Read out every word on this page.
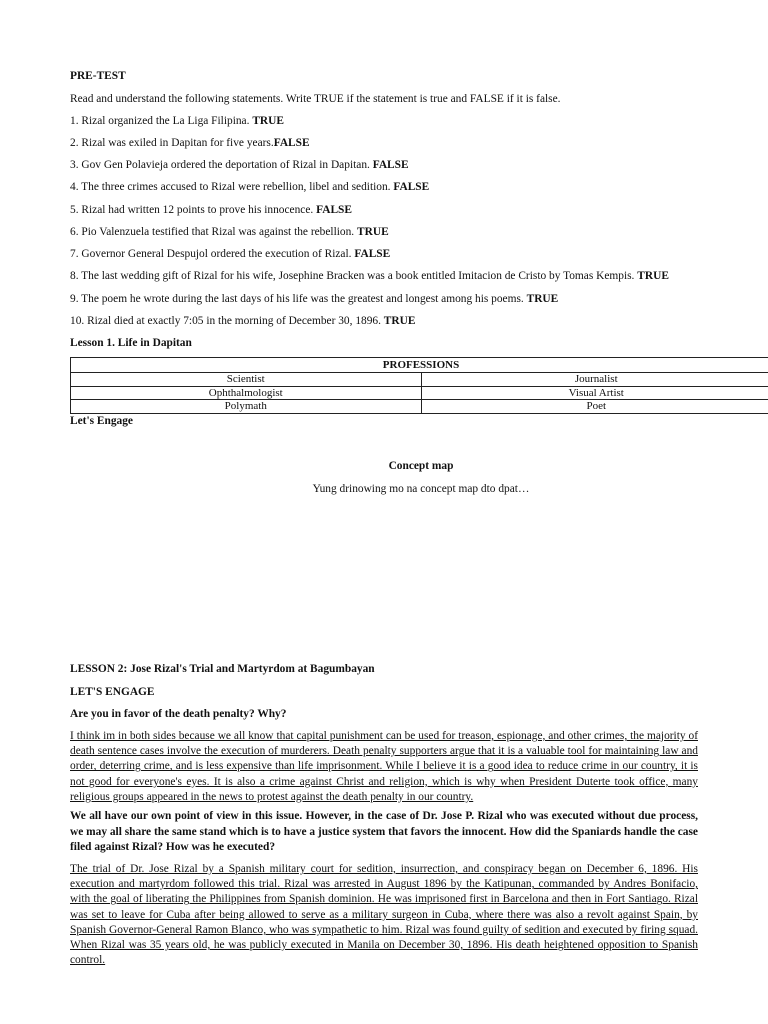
PRE-TEST
Read and understand the following statements. Write TRUE if the statement is true and FALSE if it is false.
1. Rizal organized the La Liga Filipina. TRUE
2. Rizal was exiled in Dapitan for five years.FALSE
3. Gov Gen Polavieja ordered the deportation of Rizal in Dapitan. FALSE
4. The three crimes accused to Rizal were rebellion, libel and sedition. FALSE
5. Rizal had written 12 points to prove his innocence. FALSE
6. Pio Valenzuela testified that Rizal was against the rebellion. TRUE
7. Governor General Despujol ordered the execution of Rizal. FALSE
8. The last wedding gift of Rizal for his wife, Josephine Bracken was a book entitled Imitacion de Cristo by Tomas Kempis. TRUE
9. The poem he wrote during the last days of his life was the greatest and longest among his poems. TRUE
10. Rizal died at exactly 7:05 in the morning of December 30, 1896. TRUE
Lesson 1. Life in Dapitan
PROFESSIONS	
Scientist	Journalist
Ophthalmologist	Visual Artist
Polymath	Poet
Let's Engage
Concept map
Yung drinowing mo na concept map dto dpat…
LESSON 2: Jose Rizal's Trial and Martyrdom at Bagumbayan
LET'S ENGAGE
Are you in favor of the death penalty? Why?
I think im in both sides because we all know that capital punishment can be used for treason, espionage, and other crimes, the majority of death sentence cases involve the execution of murderers. Death penalty supporters argue that it is a valuable tool for maintaining law and order, deterring crime, and is less expensive than life imprisonment. While I believe it is a good idea to reduce crime in our country, it is not good for everyone's eyes. It is also a crime against Christ and religion, which is why when President Duterte took office, many religious groups appeared in the news to protest against the death penalty in our country.
We all have our own point of view in this issue. However, in the case of Dr. Jose P. Rizal who was executed without due process, we may all share the same stand which is to have a justice system that favors the innocent. How did the Spaniards handle the case filed against Rizal? How was he executed?
The trial of Dr. Jose Rizal by a Spanish military court for sedition, insurrection, and conspiracy began on December 6, 1896. His execution and martyrdom followed this trial. Rizal was arrested in August 1896 by the Katipunan, commanded by Andres Bonifacio, with the goal of liberating the Philippines from Spanish dominion. He was imprisoned first in Barcelona and then in Fort Santiago. Rizal was set to leave for Cuba after being allowed to serve as a military surgeon in Cuba, where there was also a revolt against Spain, by Spanish Governor-General Ramon Blanco, who was sympathetic to him. Rizal was found guilty of sedition and executed by firing squad. When Rizal was 35 years old, he was publicly executed in Manila on December 30, 1896. His death heightened opposition to Spanish control.
